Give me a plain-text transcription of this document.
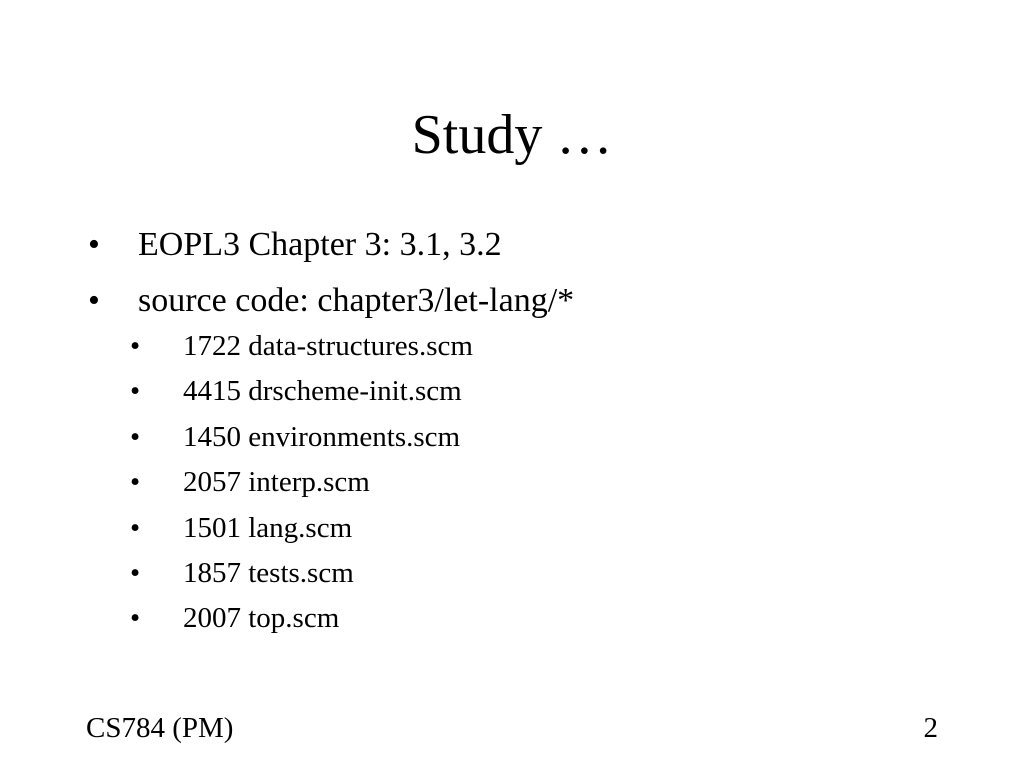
Study …
• EOPL3 Chapter 3: 3.1, 3.2
• source code: chapter3/let-lang/*
• 1722 data-structures.scm
• 4415 drscheme-init.scm
• 1450 environments.scm
• 2057 interp.scm
• 1501 lang.scm
• 1857 tests.scm
• 2007 top.scm
CS784 (PM)	2
